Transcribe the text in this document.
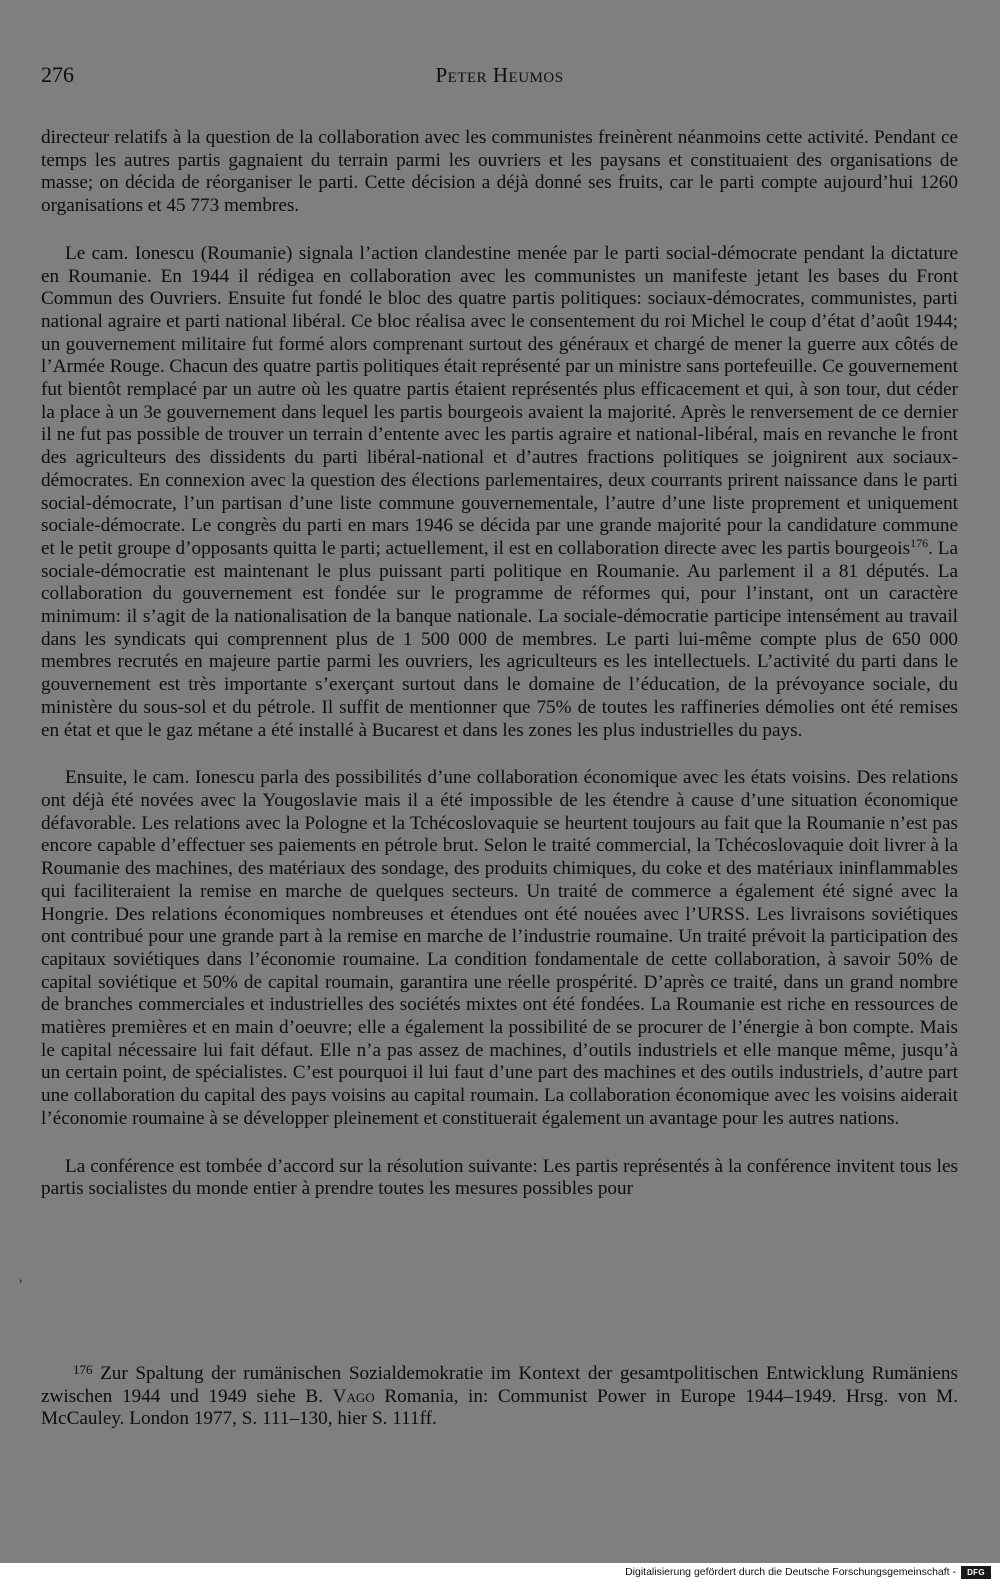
276	Peter Heumos

directeur relatifs à la question de la collaboration avec les communistes freinèrent néanmoins cette activité. Pendant ce temps les autres partis gagnaient du terrain parmi les ouvriers et les paysans et constituaient des organisations de masse; on décida de réorganiser le parti. Cette décision a déjà donné ses fruits, car le parti compte aujourd’hui 1260 organisations et 45 773 membres.

Le cam. Ionescu (Roumanie) signala l’action clandestine menée par le parti social-démocrate pendant la dictature en Roumanie. En 1944 il rédigea en collaboration avec les communistes un manifeste jetant les bases du Front Commun des Ouvriers. Ensuite fut fondé le bloc des quatre partis politiques: sociaux-démocrates, communistes, parti national agraire et parti national libéral. Ce bloc réalisa avec le consentement du roi Michel le coup d’état d’août 1944; un gouvernement militaire fut formé alors comprenant surtout des généraux et chargé de mener la guerre aux côtés de l’Armée Rouge. Chacun des quatre partis politiques était représenté par un ministre sans portefeuille. Ce gouvernement fut bientôt remplacé par un autre où les quatre partis étaient représentés plus efficacement et qui, à son tour, dut céder la place à un 3e gouvernement dans lequel les partis bourgeois avaient la majorité. Après le renversement de ce dernier il ne fut pas possible de trouver un terrain d’entente avec les partis agraire et national-libéral, mais en revanche le front des agriculteurs des dissidents du parti libéral-national et d’autres fractions politiques se joignirent aux sociaux-démocrates. En connexion avec la question des élections parlementaires, deux courrants prirent naissance dans le parti social-démocrate, l’un partisan d’une liste commune gouvernementale, l’autre d’une liste proprement et uniquement sociale-démocrate. Le congrès du parti en mars 1946 se décida par une grande majorité pour la candidature commune et le petit groupe d’opposants quitta le parti; actuellement, il est en collaboration directe avec les partis bourgeois$^{176}$. La sociale-démocratie est maintenant le plus puissant parti politique en Roumanie. Au parlement il a 81 députés. La collaboration du gouvernement est fondée sur le programme de réformes qui, pour l’instant, ont un caractère minimum: il s’agit de la nationalisation de la banque nationale. La sociale-démocratie participe intensément au travail dans les syndicats qui comprennent plus de 1 500 000 de membres. Le parti lui-même compte plus de 650 000 membres recrutés en majeure partie parmi les ouvriers, les agriculteurs es les intellectuels. L’activité du parti dans le gouvernement est très importante s’exerçant surtout dans le domaine de l’éducation, de la prévoyance sociale, du ministère du sous-sol et du pétrole. Il suffit de mentionner que 75% de toutes les raffineries démolies ont été remises en état et que le gaz métane a été installé à Bucarest et dans les zones les plus industrielles du pays.

Ensuite, le cam. Ionescu parla des possibilités d’une collaboration économique avec les états voisins. Des relations ont déjà été novées avec la Yougoslavie mais il a été impossible de les étendre à cause d’une situation économique défavorable. Les relations avec la Pologne et la Tchécoslovaquie se heurtent toujours au fait que la Roumanie n’est pas encore capable d’effectuer ses paiements en pétrole brut. Selon le traité commercial, la Tchécoslovaquie doit livrer à la Roumanie des machines, des matériaux des sondage, des produits chimiques, du coke et des matériaux ininflammables qui faciliteraient la remise en marche de quelques secteurs. Un traité de commerce a également été signé avec la Hongrie. Des relations économiques nombreuses et étendues ont été nouées avec l’URSS. Les livraisons soviétiques ont contribué pour une grande part à la remise en marche de l’industrie roumaine. Un traité prévoit la participation des capitaux soviétiques dans l’économie roumaine. La condition fondamentale de cette collaboration, à savoir 50% de capital soviétique et 50% de capital roumain, garantira une réelle prospérité. D’après ce traité, dans un grand nombre de branches commerciales et industrielles des sociétés mixtes ont été fondées. La Roumanie est riche en ressources de matières premières et en main d’oeuvre; elle a également la possibilité de se procurer de l’énergie à bon compte. Mais le capital nécessaire lui fait défaut. Elle n’a pas assez de machines, d’outils industriels et elle manque même, jusqu’à un certain point, de spécialistes. C’est pourquoi il lui faut d’une part des machines et des outils industriels, d’autre part une collaboration du capital des pays voisins au capital roumain. La collaboration économique avec les voisins aiderait l’économie roumaine à se développer pleinement et constituerait également un avantage pour les autres nations.

La conférence est tombée d’accord sur la résolution suivante: Les partis représentés à la conférence invitent tous les partis socialistes du monde entier à prendre toutes les mesures possibles pour

$^{176}$ Zur Spaltung der rumänischen Sozialdemokratie im Kontext der gesamtpolitischen Entwicklung Rumäniens zwischen 1944 und 1949 siehe B. Vago Romania, in: Communist Power in Europe 1944–1949. Hrsg. von M. McCauley. London 1977, S. 111–130, hier S. 111ff.

,
Digitalisierung gefördert durch die Deutsche Forschungsgemeinschaft -	DFG
